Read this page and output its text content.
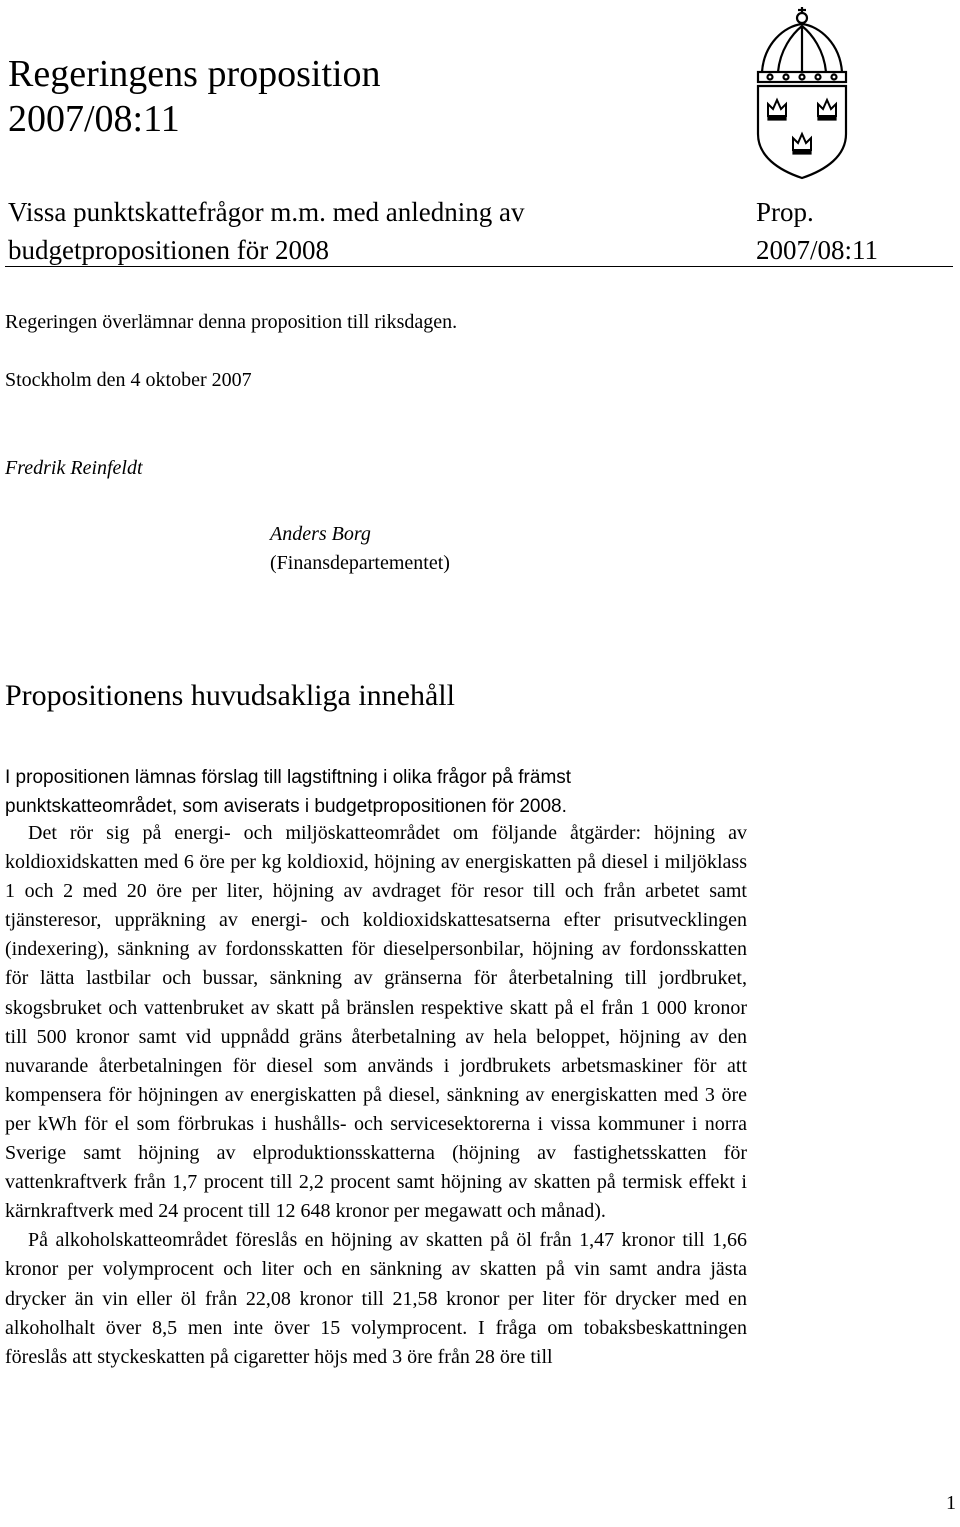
Regeringens proposition
2007/08:11
Vissa punktskattefrågor m.m. med anledning av
budgetpropositionen för 2008
Prop.
2007/08:11
Regeringen överlämnar denna proposition till riksdagen.
Stockholm den 4 oktober 2007
Fredrik Reinfeldt
Anders Borg
(Finansdepartementet)
Propositionens huvudsakliga innehåll
I propositionen lämnas förslag till lagstiftning i olika frågor på främst punktskatteområdet, som aviserats i budgetpropositionen för 2008.

Det rör sig på energi- och miljöskatteområdet om följande åtgärder: höjning av koldioxidskatten med 6 öre per kg koldioxid, höjning av energiskatten på diesel i miljöklass 1 och 2 med 20 öre per liter, höjning av avdraget för resor till och från arbetet samt tjänsteresor, uppräkning av energi- och koldioxidskattesatserna efter prisutvecklingen (indexering), sänkning av fordonsskatten för dieselpersonbilar, höjning av fordonsskatten för lätta lastbilar och bussar, sänkning av gränserna för återbetalning till jordbruket, skogsbruket och vattenbruket av skatt på bränslen respektive skatt på el från 1 000 kronor till 500 kronor samt vid uppnådd gräns återbetalning av hela beloppet, höjning av den nuvarande återbetalningen för diesel som används i jordbrukets arbetsmaskiner för att kompensera för höjningen av energiskatten på diesel, sänkning av energiskatten med 3 öre per kWh för el som förbrukas i hushålls- och servicesektorerna i vissa kommuner i norra Sverige samt höjning av elproduktionsskatterna (höjning av fastighetsskatten för vattenkraftverk från 1,7 procent till 2,2 procent samt höjning av skatten på termisk effekt i kärnkraftverk med 24 procent till 12 648 kronor per megawatt och månad).

På alkoholskatteområdet föreslås en höjning av skatten på öl från 1,47 kronor till 1,66 kronor per volymprocent och liter och en sänkning av skatten på vin samt andra jästa drycker än vin eller öl från 22,08 kronor till 21,58 kronor per liter för drycker med en alkoholhalt över 8,5 men inte över 15 volymprocent. I fråga om tobaksbeskattningen föreslås att styckeskatten på cigaretter höjs med 3 öre från 28 öre till

1
